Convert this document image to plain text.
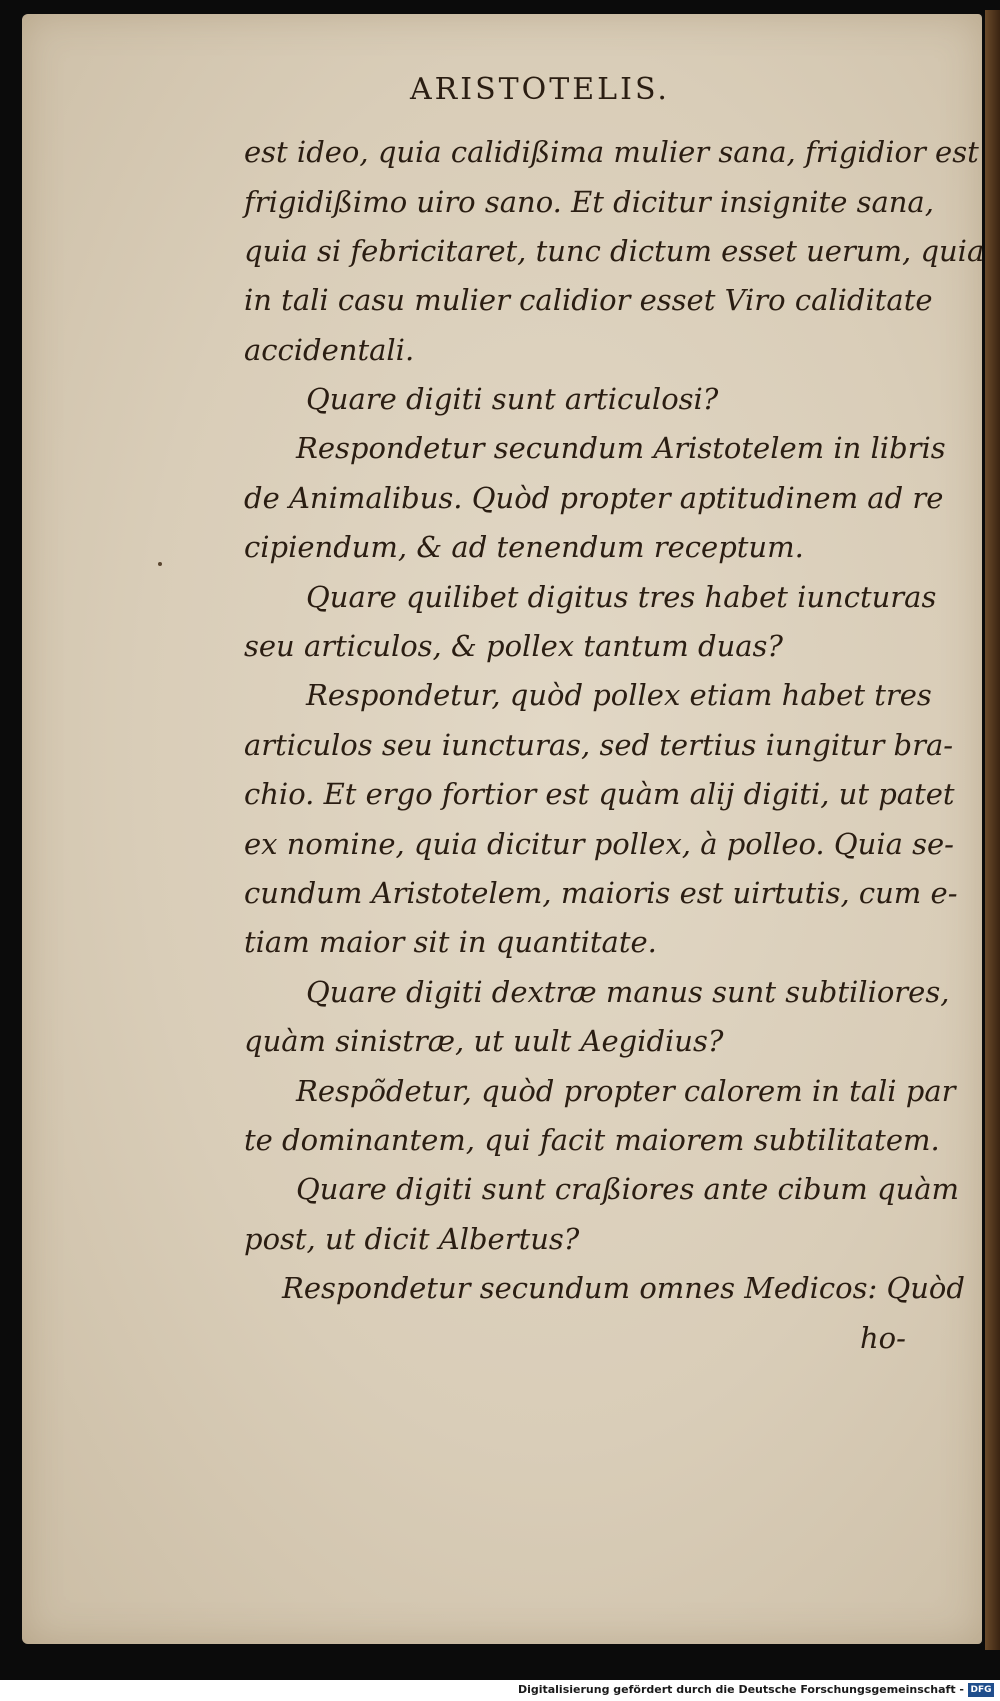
ARISTOTELIS.
est ideo, quia calidißima mulier sana, frigidior est
frigidißimo uiro sano. Et dicitur insignite sana,
quia si febricitaret, tunc dictum esset uerum, quia
in tali casu mulier calidior esset Viro caliditate
accidentali.
Quare digiti sunt articulosi?
Respondetur secundum Aristotelem in libris
de Animalibus. Quòd propter aptitudinem ad re
cipiendum, & ad tenendum receptum.
Quare quilibet digitus tres habet iuncturas
seu articulos, & pollex tantum duas?
Respondetur, quòd pollex etiam habet tres
articulos seu iuncturas, sed tertius iungitur bra-
chio. Et ergo fortior est quàm alij digiti, ut patet
ex nomine, quia dicitur pollex, à polleo. Quia se-
cundum Aristotelem, maioris est uirtutis, cum e-
tiam maior sit in quantitate.
Quare digiti dextræ manus sunt subtiliores,
quàm sinistræ, ut uult Aegidius?
Respõdetur, quòd propter calorem in tali par
te dominantem, qui facit maiorem subtilitatem.
Quare digiti sunt craßiores ante cibum quàm
post, ut dicit Albertus?
Respondetur secundum omnes Medicos: Quòd
ho-
Digitalisierung gefördert durch die Deutsche Forschungsgemeinschaft - DFG
